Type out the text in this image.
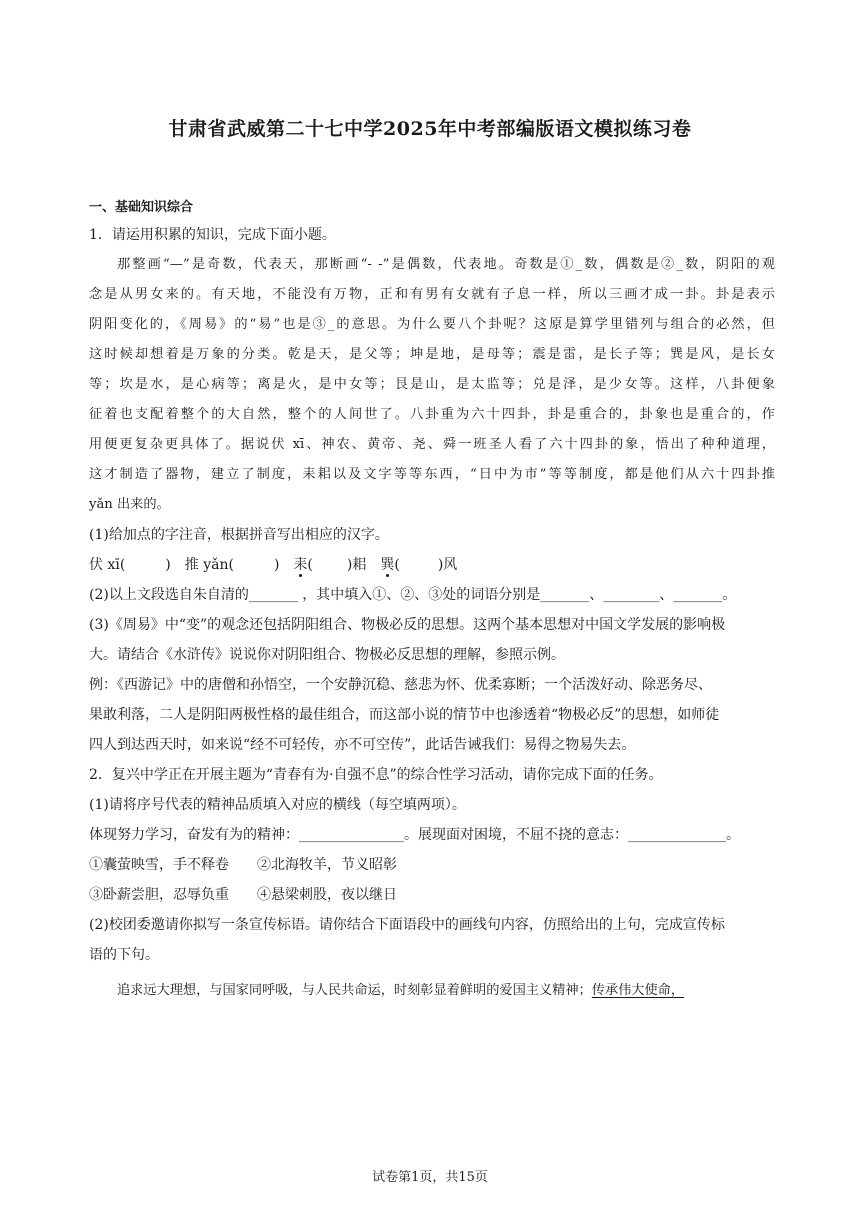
甘肃省武威第二十七中学2025年中考部编版语文模拟练习卷
一、基础知识综合
1．请运用积累的知识，完成下面小题。
那整画“—”是奇数，代表天，那断画“- -”是偶数，代表地。奇数是①_数，偶数是②_数，阴阳的观
念是从男女来的。有天地，不能没有万物，正和有男有女就有子息一样，所以三画才成一卦。卦是表示
阴阳变化的，《周易》的“易”也是③_的意思。为什么要八个卦呢？这原是算学里错列与组合的必然，但
这时候却想着是万象的分类。乾是天，是父等；坤是地，是母等；震是雷，是长子等；巽是风，是长女
等；坎是水，是心病等；离是火，是中女等；艮是山，是太监等；兑是泽，是少女等。这样，八卦便象
征着也支配着整个的大自然，整个的人间世了。八卦重为六十四卦，卦是重合的，卦象也是重合的，作
用便更复杂更具体了。据说伏 xī、神农、黄帝、尧、舜一班圣人看了六十四卦的象，悟出了种种道理，
这才制造了器物，建立了制度，耒耜以及文字等等东西，“日中为市”等等制度，都是他们从六十四卦推
yǎn 出来的。
(1)给加点的字注音，根据拼音写出相应的汉字。
伏 xī(	)　推 yǎn(	)　耒( )耜　巽(	)风
(2)以上文段选自朱自清的_______ ，其中填入①、②、③处的词语分别是_______、________、_______。
(3)《周易》中“变”的观念还包括阴阳组合、物极必反的思想。这两个基本思想对中国文学发展的影响极
大。请结合《水浒传》说说你对阴阳组合、物极必反思想的理解，参照示例。
例：《西游记》中的唐僧和孙悟空，一个安静沉稳、慈悲为怀、优柔寡断；一个活泼好动、除恶务尽、
果敢利落，二人是阴阳两极性格的最佳组合，而这部小说的情节中也渗透着“物极必反”的思想，如师徒
四人到达西天时，如来说“经不可轻传，亦不可空传”，此话告诫我们：易得之物易失去。
2．复兴中学正在开展主题为“青春有为·自强不息”的综合性学习活动，请你完成下面的任务。
(1)请将序号代表的精神品质填入对应的横线（每空填两项）。
体现努力学习，奋发有为的精神：_______________。展现面对困境，不屈不挠的意志：______________。
①囊萤映雪，手不释卷 ②北海牧羊，节义昭彰
③卧薪尝胆，忍辱负重 ④悬梁刺股，夜以继日
(2)校团委邀请你拟写一条宣传标语。请你结合下面语段中的画线句内容，仿照给出的上句，完成宣传标
语的下句。
追求远大理想，与国家同呼吸，与人民共命运，时刻彰显着鲜明的爱国主义精神；传承伟大使命，
试卷第1页，共15页
